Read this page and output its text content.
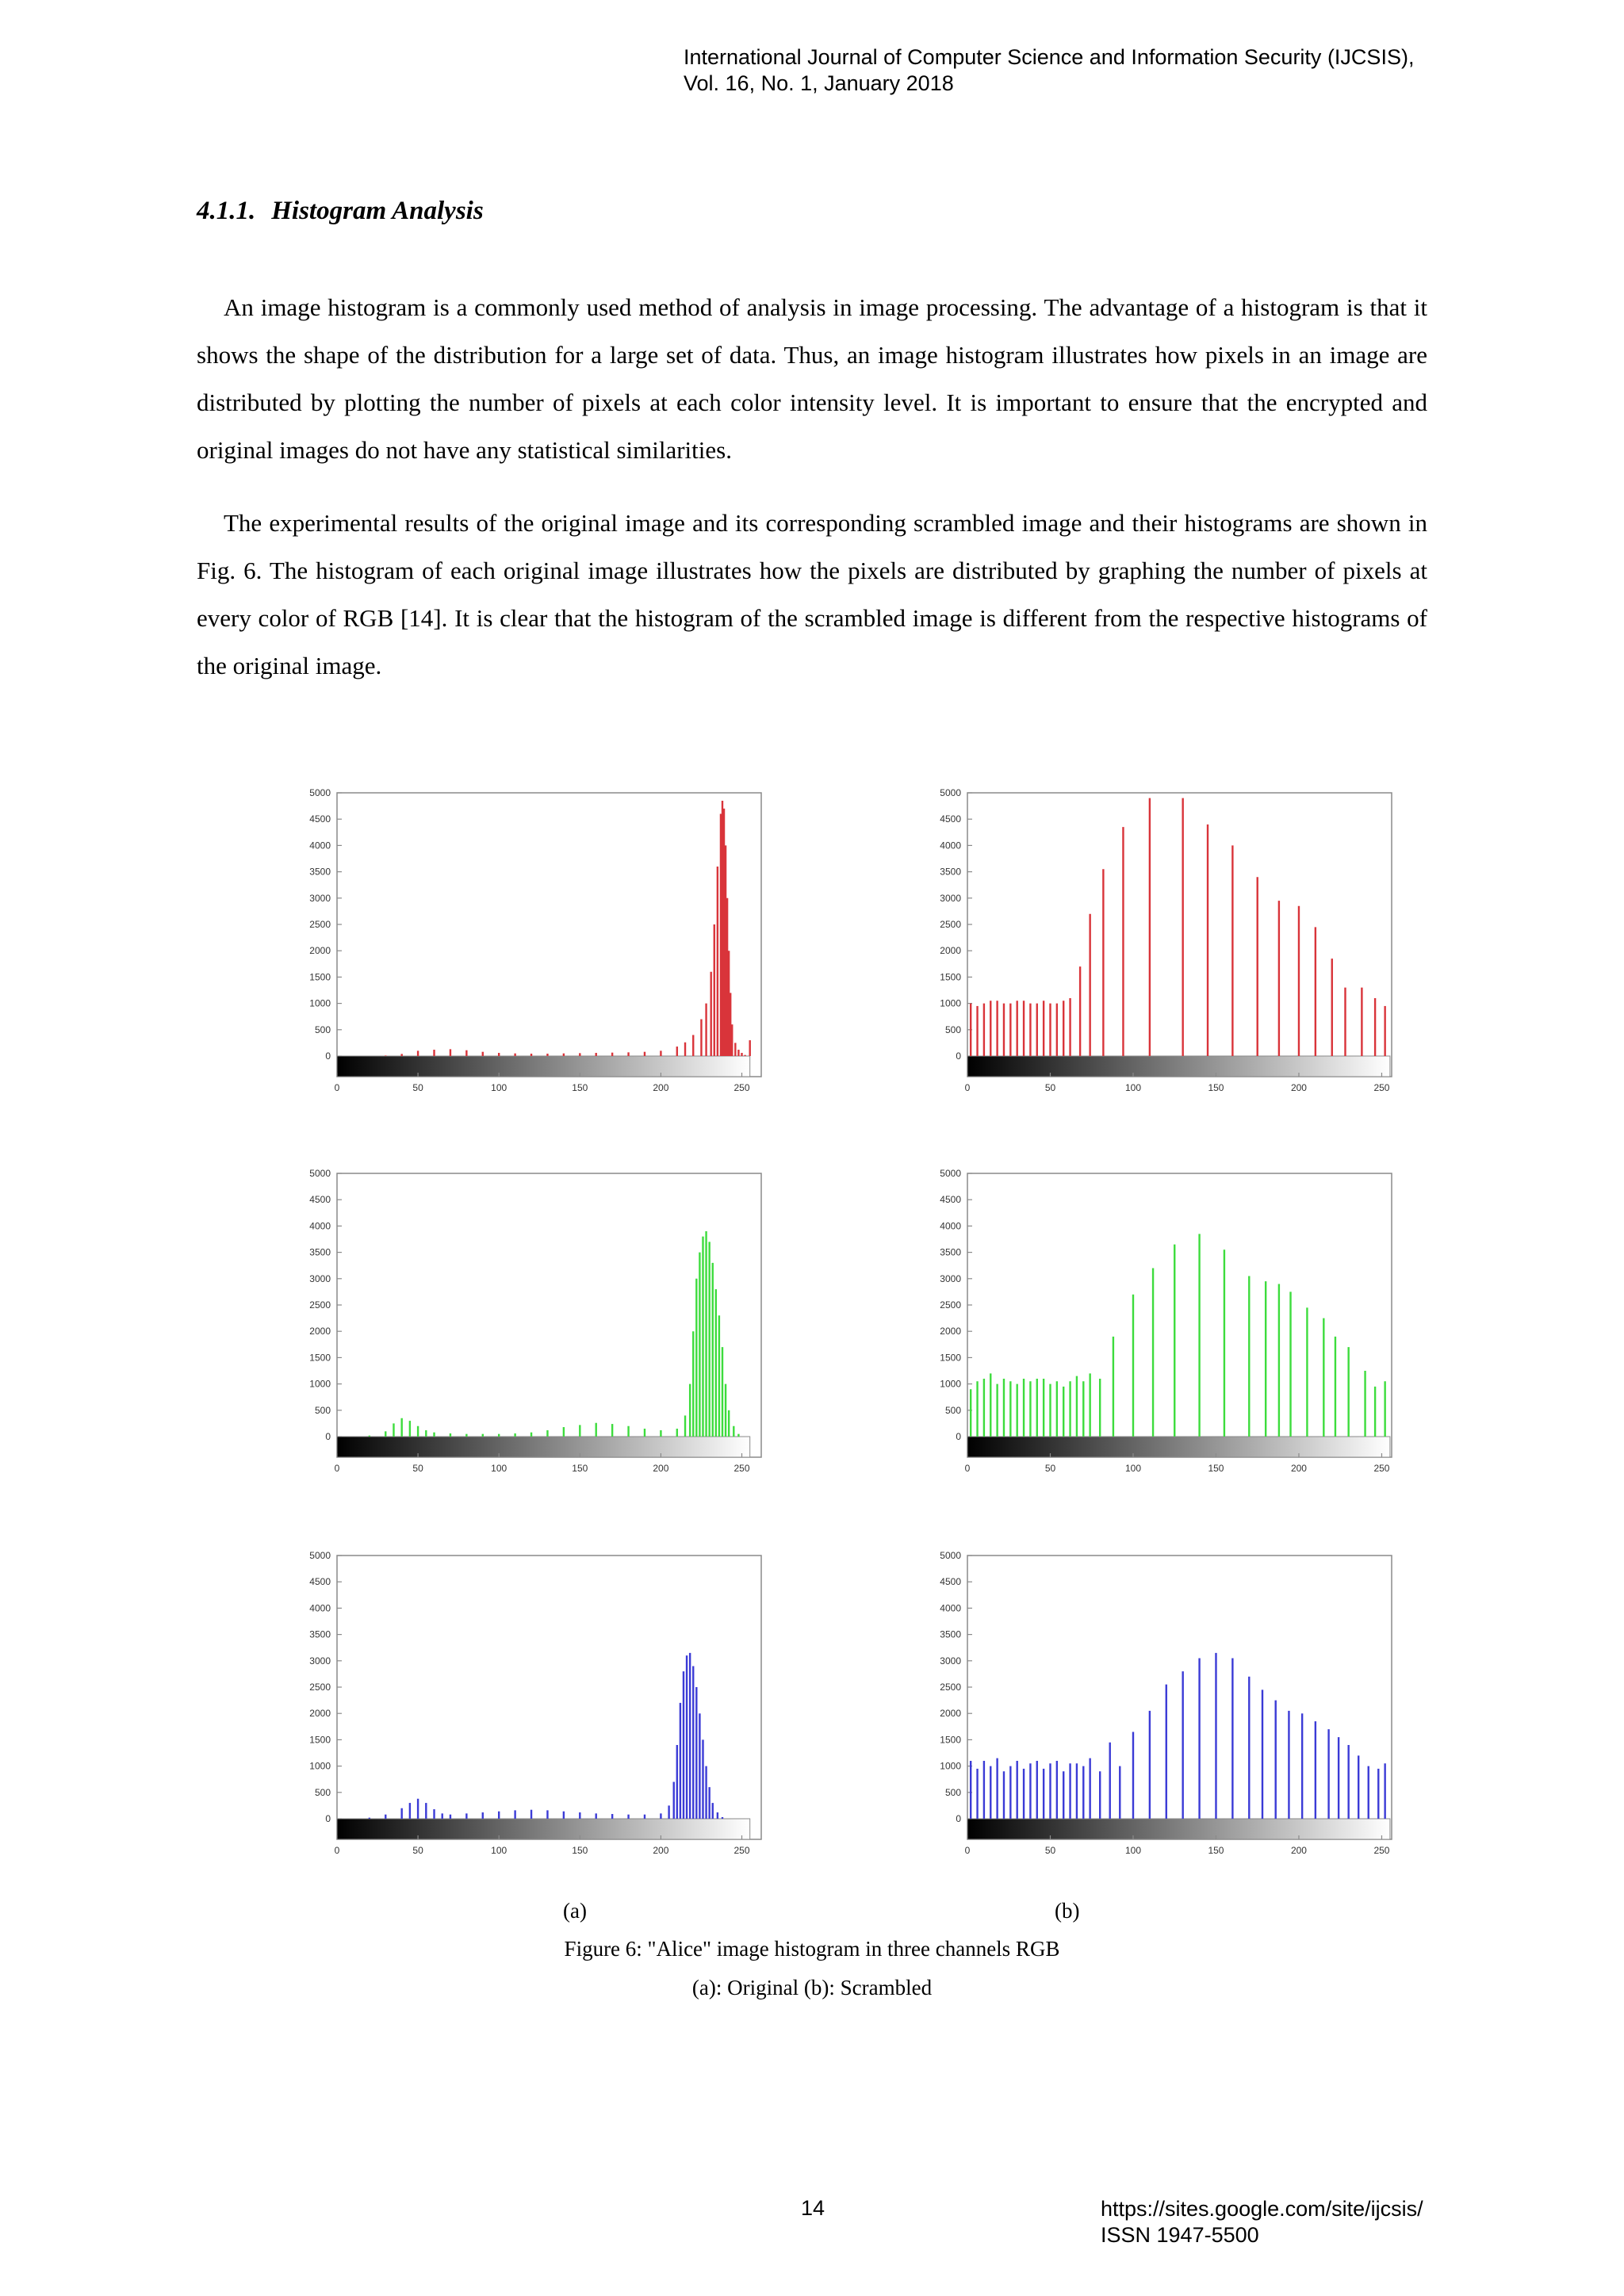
International Journal of Computer Science and Information Security (IJCSIS),
Vol. 16, No. 1, January 2018
4.1.1. Histogram Analysis

An image histogram is a commonly used method of analysis in image processing. The advantage of a histogram is that it shows the shape of the distribution for a large set of data. Thus, an image histogram illustrates how pixels in an image are distributed by plotting the number of pixels at each color intensity level. It is important to ensure that the encrypted and original images do not have any statistical similarities.

The experimental results of the original image and its corresponding scrambled image and their histograms are shown in Fig. 6. The histogram of each original image illustrates how the pixels are distributed by graphing the number of pixels at every color of RGB [14]. It is clear that the histogram of the scrambled image is different from the respective histograms of the original image.

0
500
1000
1500
2000
2500
3000
3500
4000
4500
5000
0	50	100	150	200	250
0
500
1000
1500
2000
2500
3000
3500
4000
4500
5000
0	50	100	150	200	250
0
500
1000
1500
2000
2500
3000
3500
4000
4500
5000
0	50	100	150	200	250
0
500
1000
1500
2000
2500
3000
3500
4000
4500
5000
0	50	100	150	200	250
0
500
1000
1500
2000
2500
3000
3500
4000
4500
5000
0	50	100	150	200	250
0
500
1000
1500
2000
2500
3000
3500
4000
4500
5000
0	50	100	150	200	250
(a)	(b)
Figure 6: "Alice" image histogram in three channels RGB
(a): Original (b): Scrambled
14	https://sites.google.com/site/ijcsis/
ISSN 1947-5500
